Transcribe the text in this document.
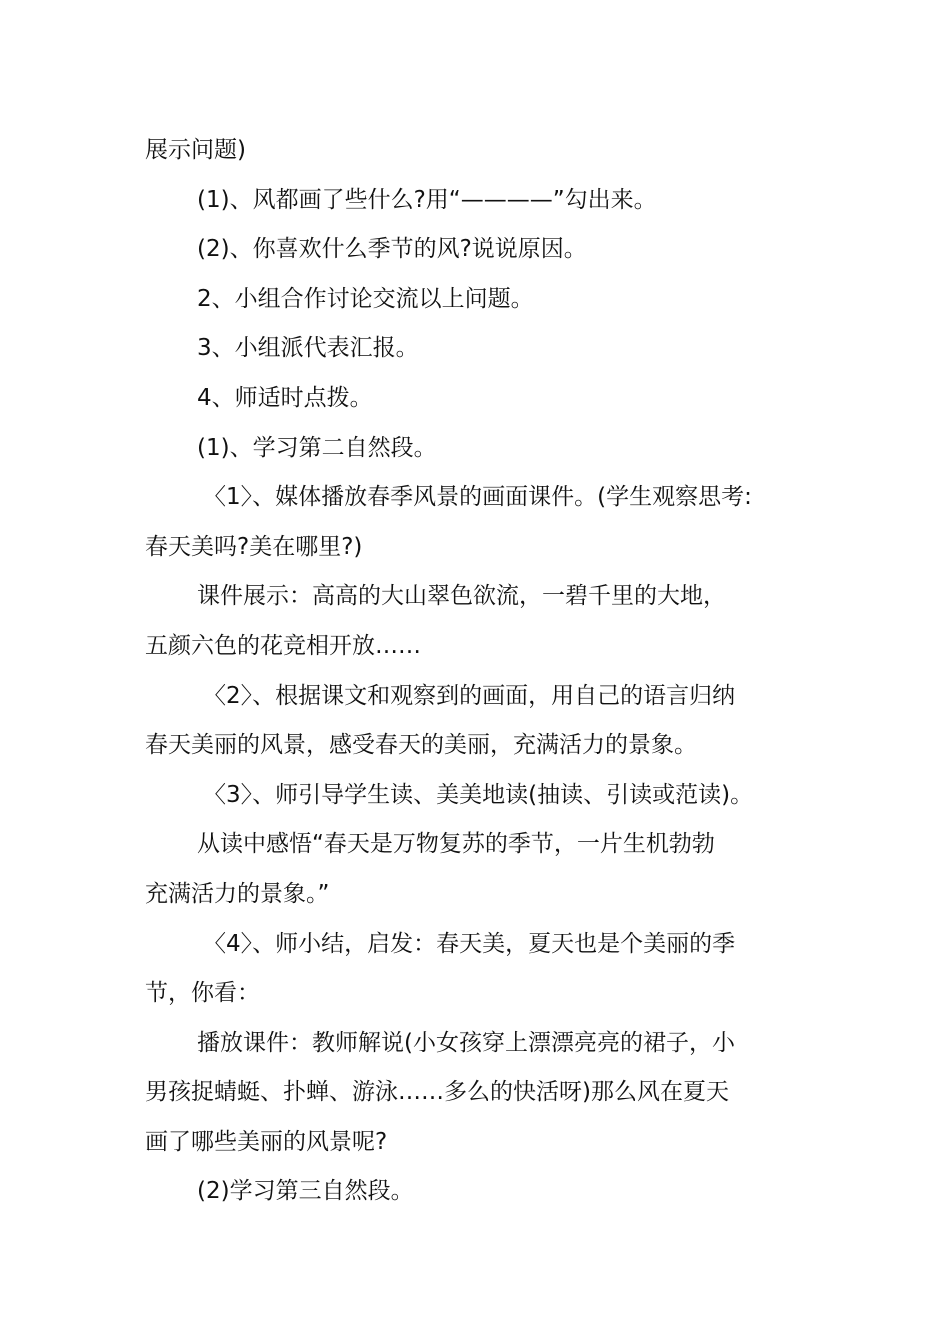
展示问题)

(1)、风都画了些什么?用“————”勾出来。

(2)、你喜欢什么季节的风?说说原因。

2、小组合作讨论交流以上问题。

3、小组派代表汇报。

4、师适时点拨。

(1)、学习第二自然段。

〈1〉、媒体播放春季风景的画面课件。(学生观察思考:

春天美吗?美在哪里?)

课件展示：高高的大山翠色欲流，一碧千里的大地，

五颜六色的花竞相开放……

〈2〉、根据课文和观察到的画面，用自己的语言归纳

春天美丽的风景，感受春天的美丽，充满活力的景象。

〈3〉、师引导学生读、美美地读(抽读、引读或范读)。

从读中感悟“春天是万物复苏的季节，一片生机勃勃

充满活力的景象。”

〈4〉、师小结，启发：春天美，夏天也是个美丽的季

节，你看：

播放课件：教师解说(小女孩穿上漂漂亮亮的裙子，小

男孩捉蜻蜓、扑蝉、游泳……多么的快活呀)那么风在夏天

画了哪些美丽的风景呢?

(2)学习第三自然段。
